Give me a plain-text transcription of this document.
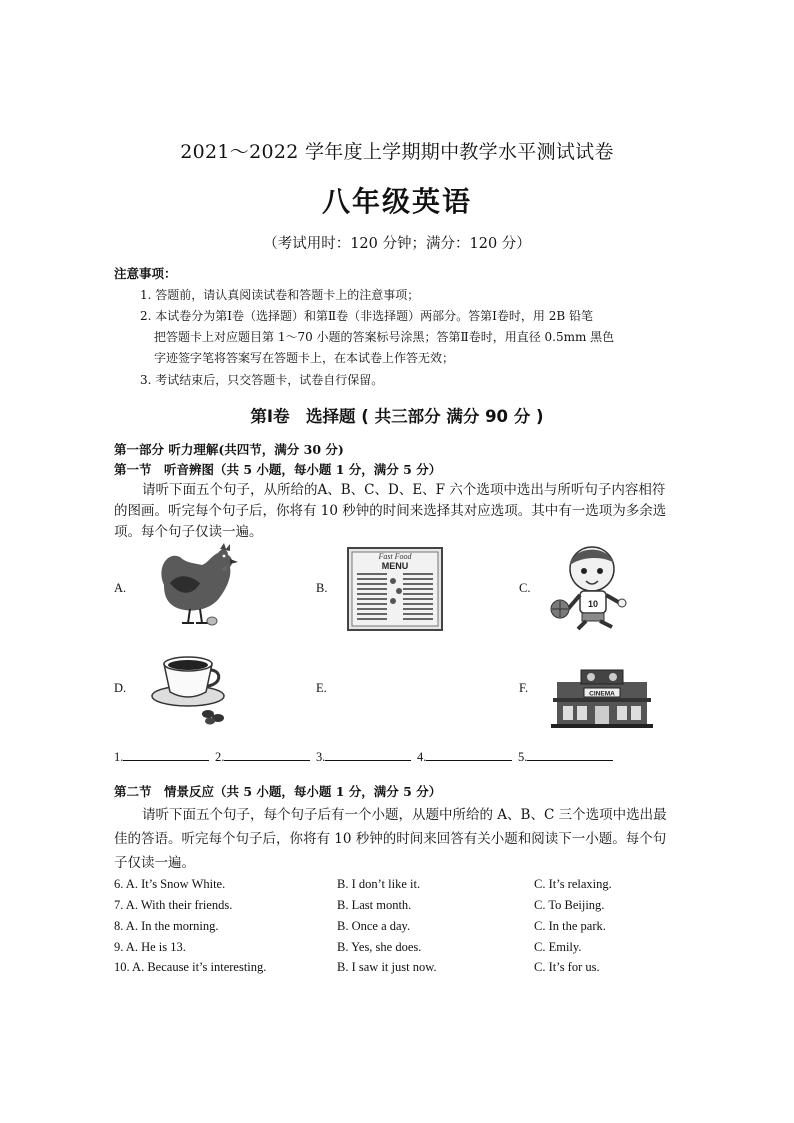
2021～2022 学年度上学期期中教学水平测试试卷
八年级英语
（考试用时：120 分钟；满分：120 分）
注意事项：
1. 答题前，请认真阅读试卷和答题卡上的注意事项；
2. 本试卷分为第Ⅰ卷（选择题）和第Ⅱ卷（非选择题）两部分。答第Ⅰ卷时，用 2B 铅笔
把答题卡上对应题目第 1～70 小题的答案标号涂黑；答第Ⅱ卷时，用直径 0.5mm 黑色
字迹签字笔将答案写在答题卡上，在本试卷上作答无效；
3. 考试结束后，只交答题卡，试卷自行保留。
第Ⅰ卷　选择题 ( 共三部分 满分 90 分 )
第一部分 听力理解(共四节，满分 30 分)
第一节　听音辨图（共 5 小题，每小题 1 分，满分 5 分）
请听下面五个句子，从所给的A、B、C、D、E、F 六个选项中选出与所听句子内容相符
的图画。听完每个句子后，你将有 10 秒钟的时间来选择其对应选项。其中有一选项为多余选
项。每个句子仅读一遍。
A.	B.	C.
D.	E.	F.
Fast Food
MENU
10
CINEMA
1.	2.	3.	4.	5.
第二节　情景反应（共 5 小题，每小题 1 分，满分 5 分）
请听下面五个句子，每个句子后有一个小题，从题中所给的 A、B、C 三个选项中选出最
佳的答语。听完每个句子后，你将有 10 秒钟的时间来回答有关小题和阅读下一小题。每个句
子仅读一遍。
6. A. It’s Snow White.	B. I don’t like it.	C. It’s relaxing.
7. A. With their friends.	B. Last month.	C. To Beijing.
8. A. In the morning.	B. Once a day.	C. In the park.
9. A. He is 13.	B. Yes, she does.	C. Emily.
10. A. Because it’s interesting.	B. I saw it just now.	C. It’s for us.
